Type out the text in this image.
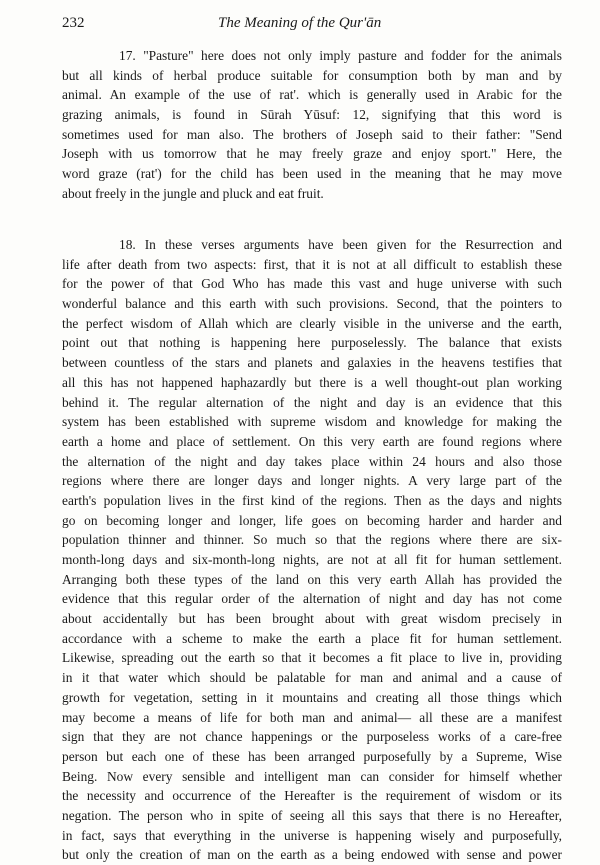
232	The Meaning of the Qur'ān

17. "Pasture" here does not only imply pasture and fodder for the animals
but all kinds of herbal produce suitable for consumption both by man and by
animal. An example of the use of rat'. which is generally used in Arabic for the
grazing animals, is found in Sūrah Yūsuf: 12, signifying that this word is
sometimes used for man also. The brothers of Joseph said to their father: "Send
Joseph with us tomorrow that he may freely graze and enjoy sport." Here, the
word graze (rat') for the child has been used in the meaning that he may move
about freely in the jungle and pluck and eat fruit.

18. In these verses arguments have been given for the Resurrection and
life after death from two aspects: first, that it is not at all difficult to establish these
for the power of that God Who has made this vast and huge universe with such
wonderful balance and this earth with such provisions. Second, that the pointers to
the perfect wisdom of Allah which are clearly visible in the universe and the earth,
point out that nothing is happening here purposelessly. The balance that exists
between countless of the stars and planets and galaxies in the heavens testifies that
all this has not happened haphazardly but there is a well thought-out plan working
behind it. The regular alternation of the night and day is an evidence that this
system has been established with supreme wisdom and knowledge for making the
earth a home and place of settlement. On this very earth are found regions where
the alternation of the night and day takes place within 24 hours and also those
regions where there are longer days and longer nights. A very large part of the
earth's population lives in the first kind of the regions. Then as the days and nights
go on becoming longer and longer, life goes on becoming harder and harder and
population thinner and thinner. So much so that the regions where there are six-
month-long days and six-month-long nights, are not at all fit for human settlement.
Arranging both these types of the land on this very earth Allah has provided the
evidence that this regular order of the alternation of night and day has not come
about accidentally but has been brought about with great wisdom precisely in
accordance with a scheme to make the earth a place fit for human settlement.
Likewise, spreading out the earth so that it becomes a fit place to live in, providing
in it that water which should be palatable for man and animal and a cause of
growth for vegetation, setting in it mountains and creating all those things which
may become a means of life for both man and animal— all these are a manifest
sign that they are not chance happenings or the purposeless works of a care-free
person but each one of these has been arranged purposefully by a Supreme, Wise
Being. Now every sensible and intelligent man can consider for himself whether
the necessity and occurrence of the Hereafter is the requirement of wisdom or its
negation. The person who in spite of seeing all this says that there is no Hereafter,
in fact, says that everything in the universe is happening wisely and purposefully,
but only the creation of man on the earth as a being endowed with sense and power
